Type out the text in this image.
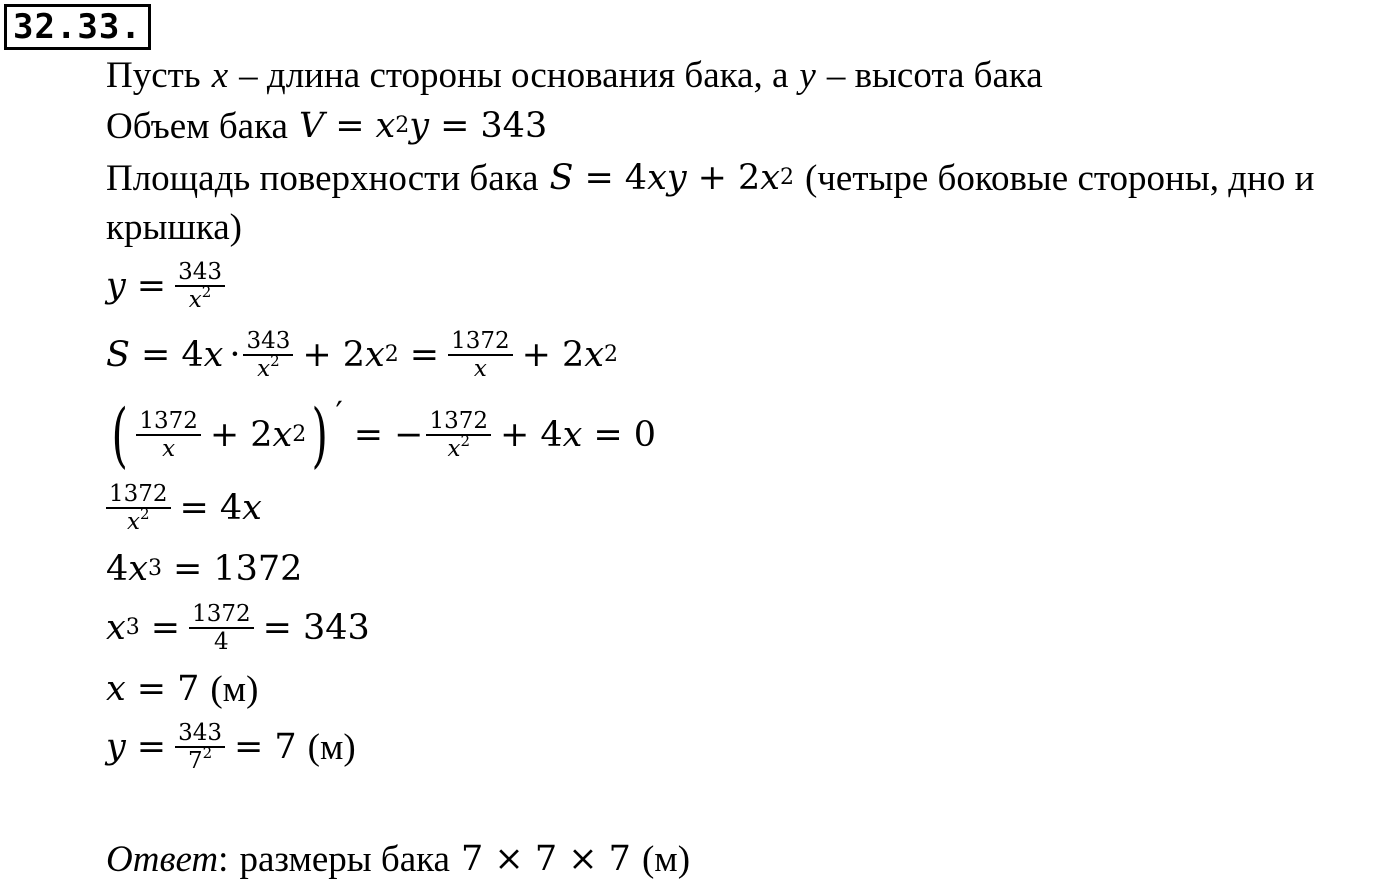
32.33.
Пусть x – длина стороны основания бака, а y – высота бака
Объем бака V = x 2 y = 343
Площадь поверхности бака S = 4 x y + 2 x 2 (четыре боковые стороны, дно и
крышка)
$y = \frac{343}{x^2}$
S = 4 $x \cdot \frac{343}{x^2} + 2$ x $2 = \frac{1372}{x} + 2$ x 2
( $\frac{1372}{x} + 2$ x 2 ) ′
= − $\frac{1372}{x^2} + 4$ x = 0
$\frac{1372}{x^2} = 4$ x
4 x 3 = 1372
x $3 = \frac{1372}{4} = 343$
x = 7 (м)
$y = \frac{343}{7^2} = 7$ (м)
Ответ : размеры бака 7 × 7 × 7 (м)
